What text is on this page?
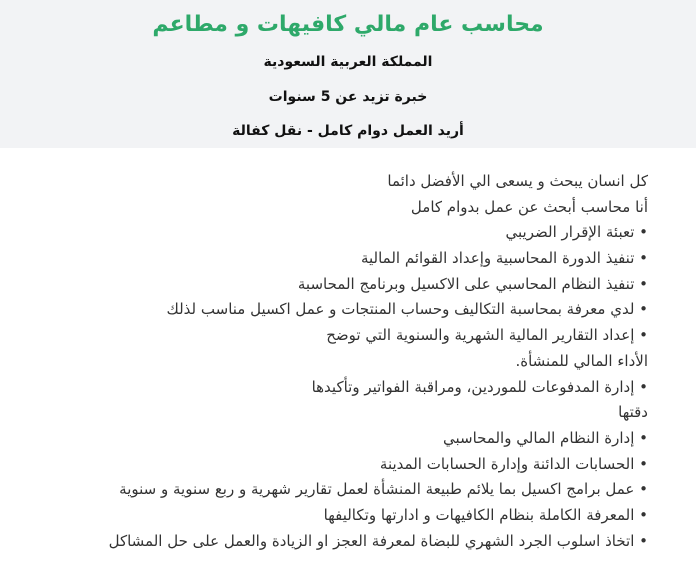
محاسب عام مالي كافيهات و مطاعم
المملكة العربية السعودية
خبرة تزيد عن 5 سنوات
أريد العمل دوام كامل - نقل كفالة
كل انسان يبحث و يسعى الي الأفضل دائما
أنا محاسب أبحث عن عمل بدوام كامل
• تعبئة الإقرار الضريبي
• تنفيذ الدورة المحاسبية وإعداد القوائم المالية
• تنفيذ النظام المحاسبي على الاكسيل وبرنامج المحاسبة
• لدي معرفة بمحاسبة التكاليف وحساب المنتجات و عمل اكسيل مناسب لذلك
• إعداد التقارير المالية الشهرية والسنوية التي توضح
الأداء المالي للمنشأة.
• إدارة المدفوعات للموردين، ومراقبة الفواتير وتأكيدها
دقتها
• إدارة النظام المالي والمحاسبي
• الحسابات الدائنة وإدارة الحسابات المدينة
• عمل برامج اكسيل بما يلائم طبيعة المنشأة لعمل تقارير شهرية و ربع سنوية و سنوية
• المعرفة الكاملة بنظام الكافيهات و ادارتها وتكاليفها
• اتخاذ اسلوب الجرد الشهري للبضاة لمعرفة العجز او الزيادة والعمل على حل المشاكل
